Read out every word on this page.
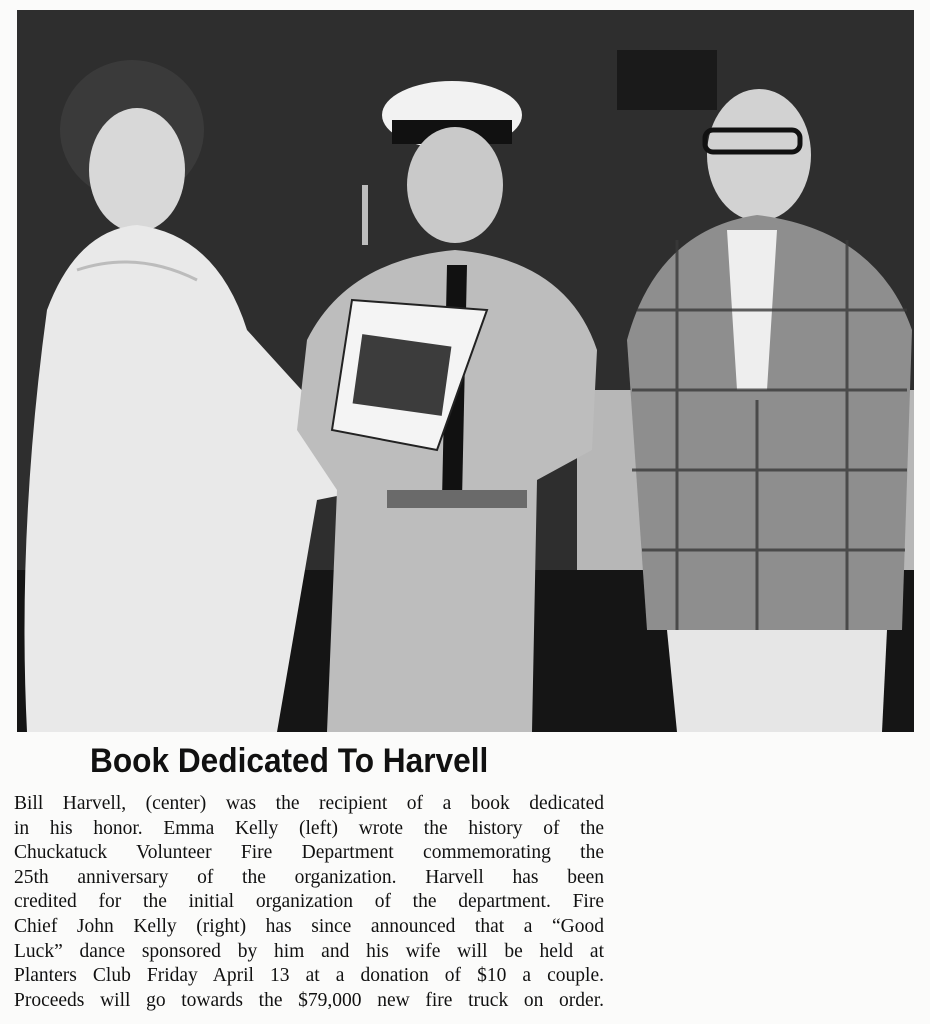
Book Dedicated To Harvell

Bill Harvell, (center) was the recipient of a book dedicated
in his honor. Emma Kelly (left) wrote the history of the
Chuckatuck Volunteer Fire Department commemorating the
25th anniversary of the organization. Harvell has been
credited for the initial organization of the department. Fire
Chief John Kelly (right) has since announced that a “Good
Luck” dance sponsored by him and his wife will be held at
Planters Club Friday April 13 at a donation of $10 a couple.
Proceeds will go towards the $79,000 new fire truck on order.
